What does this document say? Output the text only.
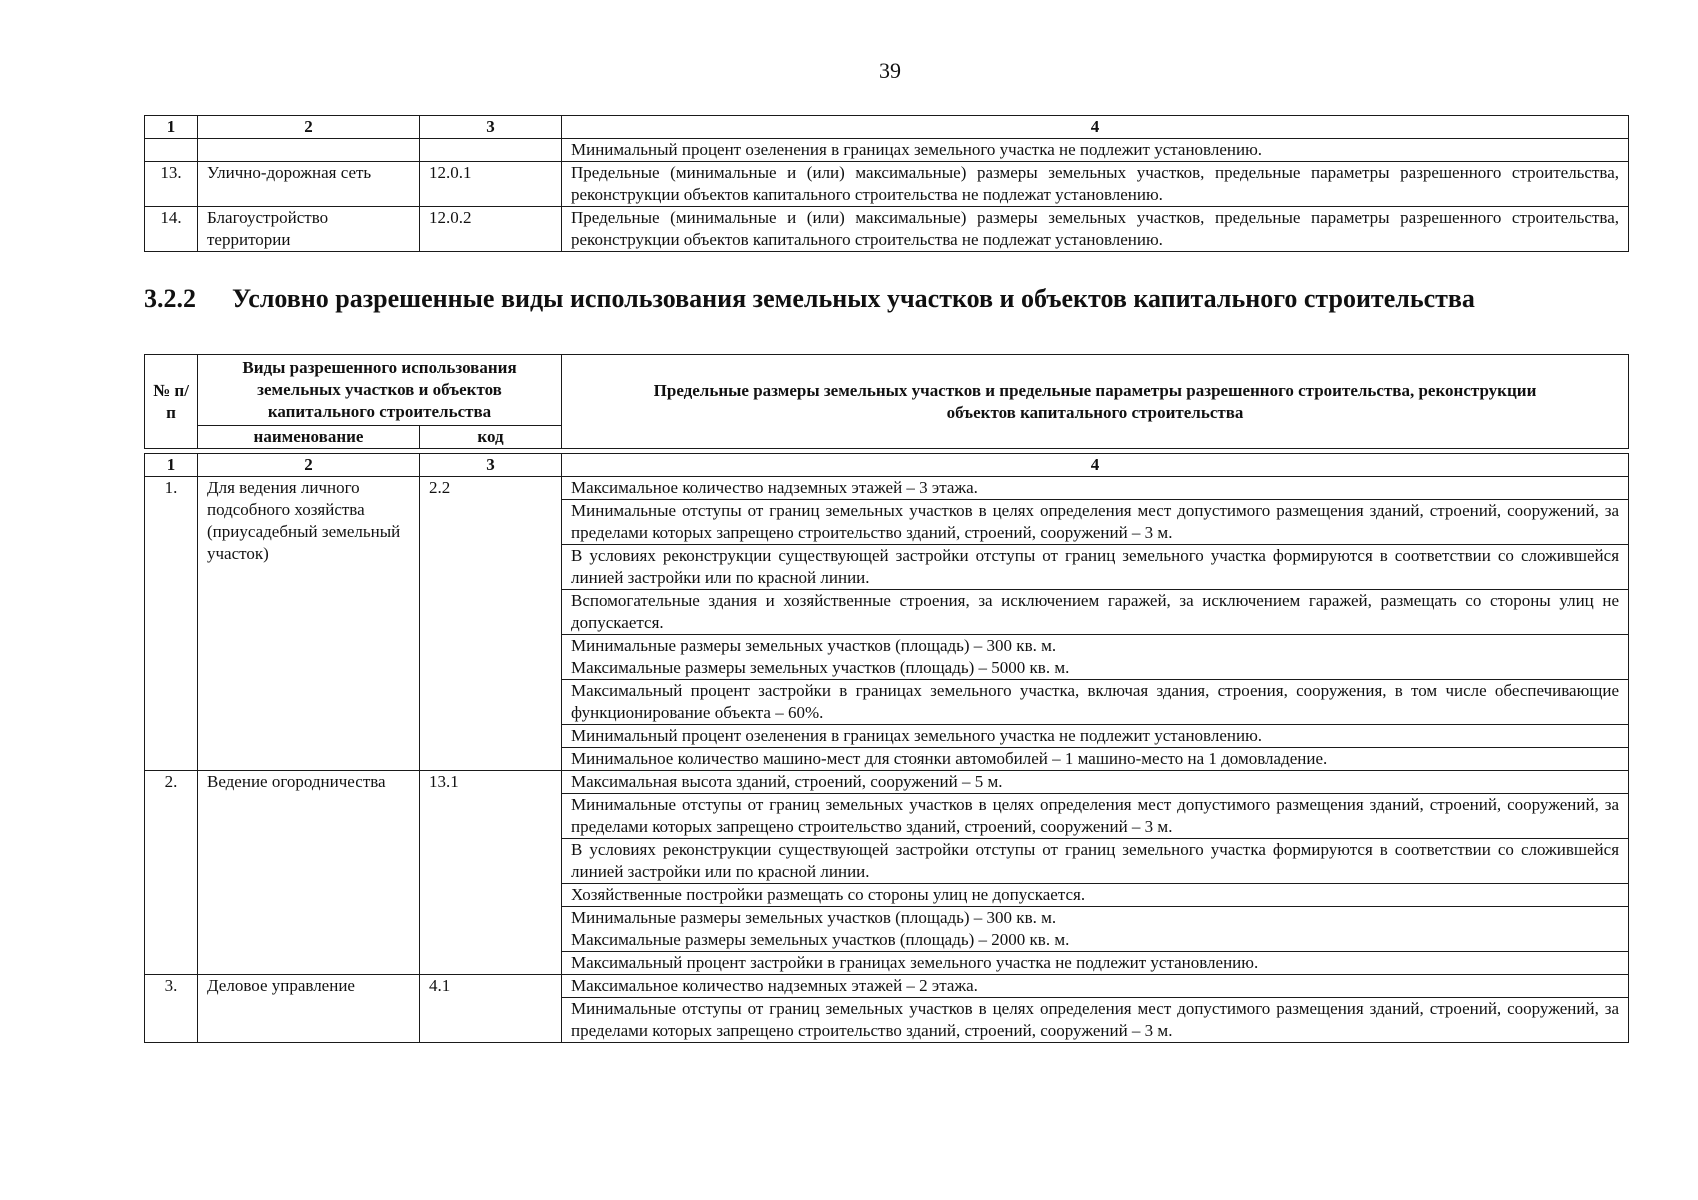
39
1	2	3	4
			Минимальный процент озеленения в границах земельного участка не подлежит установлению.
13.	Улично-дорожная сеть	12.0.1	Предельные (минимальные и (или) максимальные) размеры земельных участков, предельные параметры разрешенного строительства, реконструкции объектов капитального строительства не подлежат установлению.
14.	Благоустройство территории	12.0.2	Предельные (минимальные и (или) максимальные) размеры земельных участков, предельные параметры разрешенного строительства, реконструкции объектов капитального строительства не подлежат установлению.
3.2.2 Условно разрешенные виды использования земельных участков и объектов капитального строительства
№ п/п	Виды разрешенного использования земельных участков и объектов капитального строительства		Предельные размеры земельных участков и предельные параметры разрешенного строительства, реконструкции объектов капитального строительства
	наименование	код	

1	2	3	4
1.	Для ведения личного подсобного хозяйства (приусадебный земельный участок)	2.2	Максимальное количество надземных этажей – 3 этажа.

			Минимальные отступы от границ земельных участков в целях определения мест допустимого размещения зданий, строений, сооружений, за пределами которых запрещено строительство зданий, строений, сооружений – 3 м.

			В условиях реконструкции существующей застройки отступы от границ земельного участка формируются в соответствии со сложившейся линией застройки или по красной линии.

			Вспомогательные здания и хозяйственные строения, за исключением гаражей, за исключением гаражей, размещать со стороны улиц не допускается.

			Минимальные размеры земельных участков (площадь) – 300 кв. м.
Максимальные размеры земельных участков (площадь) – 5000 кв. м.

			Максимальный процент застройки в границах земельного участка, включая здания, строения, сооружения, в том числе обеспечивающие функционирование объекта – 60%.

			Минимальный процент озеленения в границах земельного участка не подлежит установлению.

			Минимальное количество машино-мест для стоянки автомобилей – 1 машино-место на 1 домовладение.

2.	Ведение огородничества	13.1	Максимальная высота зданий, строений, сооружений – 5 м.

			Минимальные отступы от границ земельных участков в целях определения мест допустимого размещения зданий, строений, сооружений, за пределами которых запрещено строительство зданий, строений, сооружений – 3 м.

			В условиях реконструкции существующей застройки отступы от границ земельного участка формируются в соответствии со сложившейся линией застройки или по красной линии.

			Хозяйственные постройки размещать со стороны улиц не допускается.

			Минимальные размеры земельных участков (площадь) – 300 кв. м.
Максимальные размеры земельных участков (площадь) – 2000 кв. м.

			Максимальный процент застройки в границах земельного участка не подлежит установлению.

3.	Деловое управление	4.1	Максимальное количество надземных этажей – 2 этажа.

			Минимальные отступы от границ земельных участков в целях определения мест допустимого размещения зданий, строений, сооружений, за пределами которых запрещено строительство зданий, строений, сооружений – 3 м.
